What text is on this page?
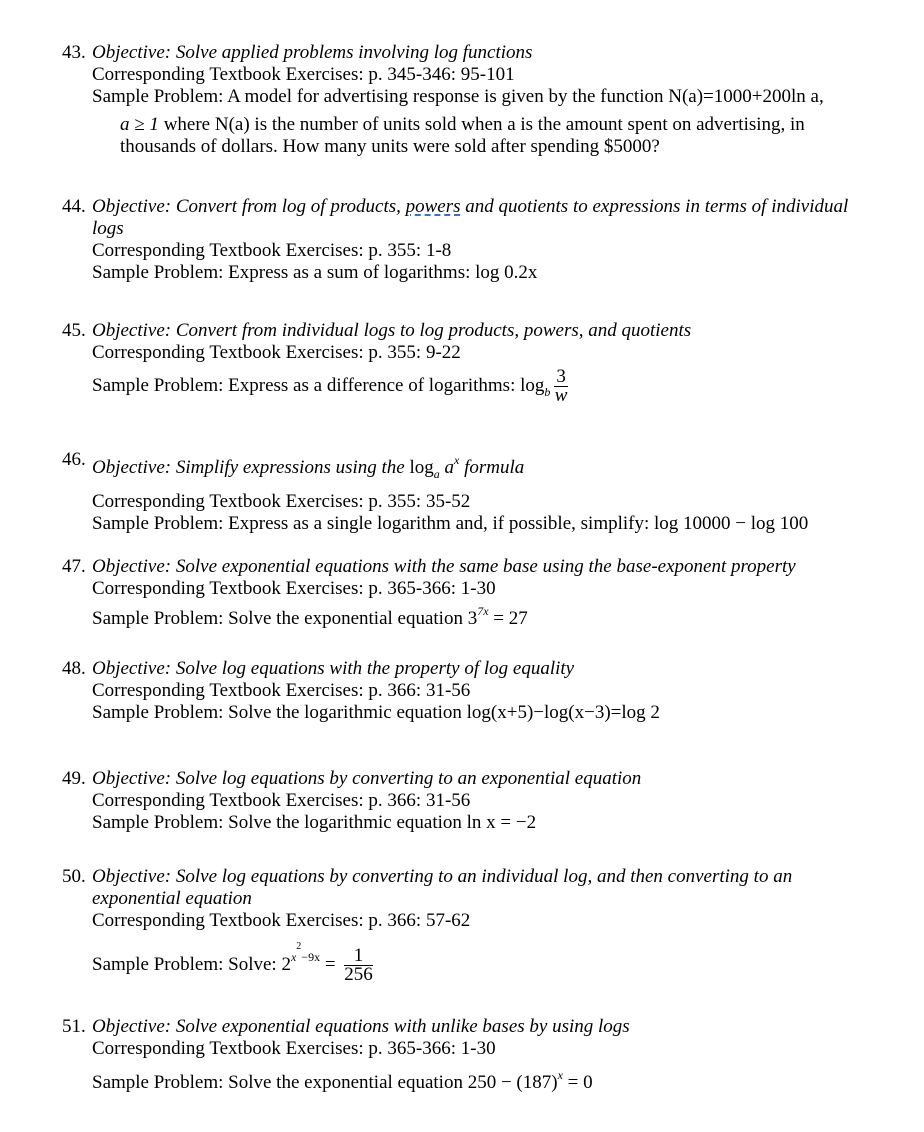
43. Objective: Solve applied problems involving log functions
Corresponding Textbook Exercises: p. 345-346: 95-101
Sample Problem: A model for advertising response is given by the function N(a)=1000+200ln a,
a ≥ 1 where N(a) is the number of units sold when a is the amount spent on advertising, in
thousands of dollars. How many units were sold after spending $5000?
44. Objective: Convert from log of products, powers and quotients to expressions in terms of individual logs
Corresponding Textbook Exercises: p. 355: 1-8
Sample Problem: Express as a sum of logarithms: log 0.2x
45. Objective: Convert from individual logs to log products, powers, and quotients
Corresponding Textbook Exercises: p. 355: 9-22
Sample Problem: Express as a difference of logarithms: $\log_b \frac{3}{w}$
46. Objective: Simplify expressions using the $\log_a a^x$ formula
Corresponding Textbook Exercises: p. 355: 35-52
Sample Problem: Express as a single logarithm and, if possible, simplify: log 10000 − log 100
47. Objective: Solve exponential equations with the same base using the base-exponent property
Corresponding Textbook Exercises: p. 365-366: 1-30
Sample Problem: Solve the exponential equation $3^{7x} = 27$
48. Objective: Solve log equations with the property of log equality
Corresponding Textbook Exercises: p. 366: 31-56
Sample Problem: Solve the logarithmic equation log(x+5)−log(x−3)=log 2
49. Objective: Solve log equations by converting to an exponential equation
Corresponding Textbook Exercises: p. 366: 31-56
Sample Problem: Solve the logarithmic equation ln x = −2
50. Objective: Solve log equations by converting to an individual log, and then converting to an exponential equation
Corresponding Textbook Exercises: p. 366: 57-62
Sample Problem: Solve: $2^{x^2-9x} = \frac{1}{256}$
51. Objective: Solve exponential equations with unlike bases by using logs
Corresponding Textbook Exercises: p. 365-366: 1-30
Sample Problem: Solve the exponential equation $250 - (187)^x = 0$
